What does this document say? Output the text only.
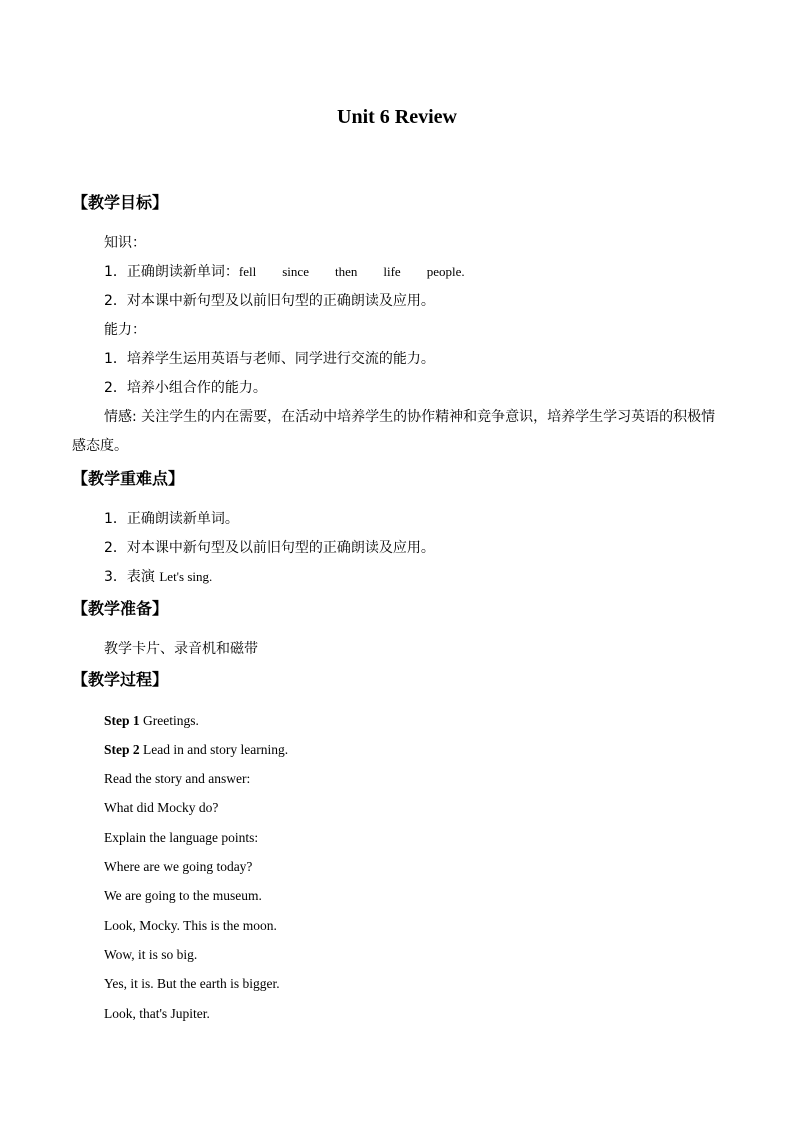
Unit 6 Review
【教学目标】
知识：
1．正确朗读新单词：fell since then life people.
2．对本课中新句型及以前旧句型的正确朗读及应用。
能力：
1．培养学生运用英语与老师、同学进行交流的能力。
2．培养小组合作的能力。
情感: 关注学生的内在需要，在活动中培养学生的协作精神和竞争意识，培养学生学习英语的积极情感态度。
【教学重难点】
1．正确朗读新单词。
2．对本课中新句型及以前旧句型的正确朗读及应用。
3．表演 Let's sing.
【教学准备】
教学卡片、录音机和磁带
【教学过程】
Step 1 Greetings.
Step 2 Lead in and story learning.
Read the story and answer:
What did Mocky do?
Explain the language points:
Where are we going today?
We are going to the museum.
Look, Mocky. This is the moon.
Wow, it is so big.
Yes, it is. But the earth is bigger.
Look, that's Jupiter.
